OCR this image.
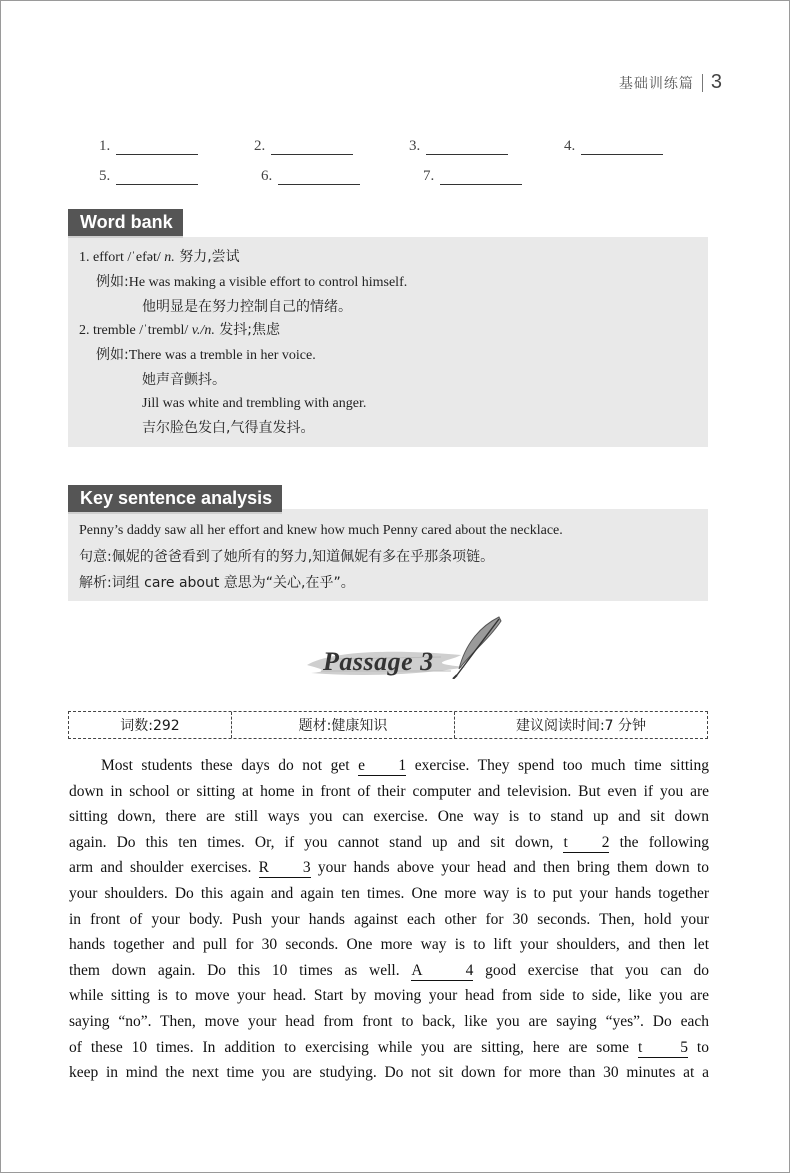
基础训练篇 3
1.	2.	3.	4.
5.	6.	7.
Word bank
1. effort /ˈefət/ n. 努力,尝试
例如:He was making a visible effort to control himself.
他明显是在努力控制自己的情绪。
2. tremble /ˈtrembl/ v./n. 发抖;焦虑
例如:There was a tremble in her voice.
她声音颤抖。
Jill was white and trembling with anger.
吉尔脸色发白,气得直发抖。
Key sentence analysis
Penny’s daddy saw all her effort and knew how much Penny cared about the necklace.
句意:佩妮的爸爸看到了她所有的努力,知道佩妮有多在乎那条项链。
解析:词组 care about 意思为“关心,在乎”。
Passage 3
词数:292	题材:健康知识	建议阅读时间:7 分钟
Most students these days do not get e 1 exercise. They spend too much time sitting
down in school or sitting at home in front of their computer and television. But even if you are
sitting down, there are still ways you can exercise. One way is to stand up and sit down
again. Do this ten times. Or, if you cannot stand up and sit down, t 2 the following
arm and shoulder exercises. R 3 your hands above your head and then bring them down to
your shoulders. Do this again and again ten times. One more way is to put your hands together
in front of your body. Push your hands against each other for 30 seconds. Then, hold your
hands together and pull for 30 seconds. One more way is to lift your shoulders, and then let
them down again. Do this 10 times as well. A 4 good exercise that you can do
while sitting is to move your head. Start by moving your head from side to side, like you are
saying “no”. Then, move your head from front to back, like you are saying “yes”. Do each
of these 10 times. In addition to exercising while you are sitting, here are some t 5 to
keep in mind the next time you are studying. Do not sit down for more than 30 minutes at a
